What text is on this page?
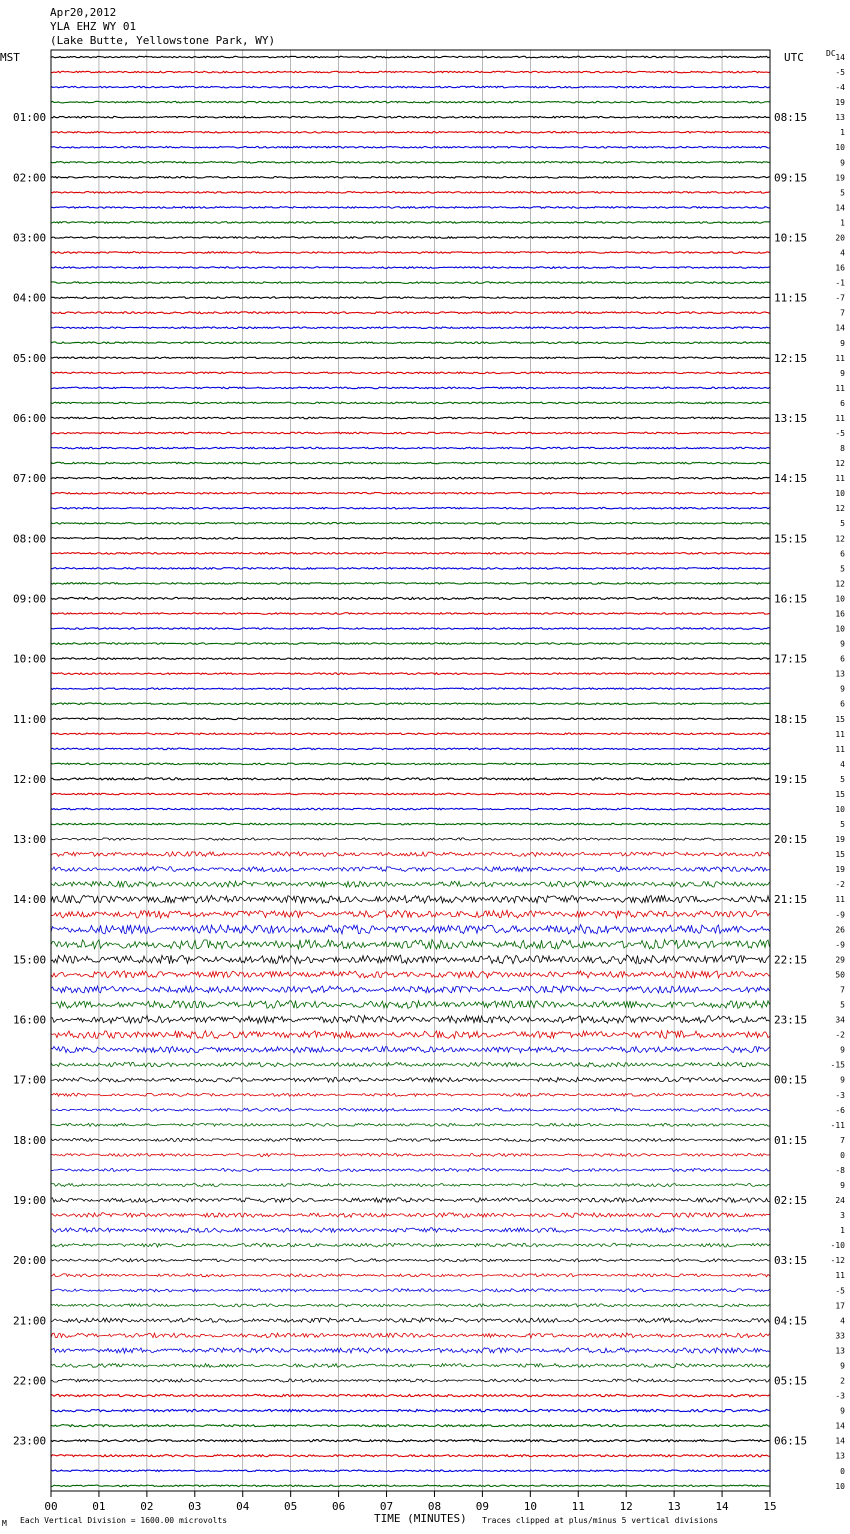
Apr20,2012
YLA EHZ WY 01
(Lake Butte, Yellowstone Park, WY)
MST	UTC	DC
01:00
02:00
03:00
04:00
05:00
06:00
07:00
08:00
09:00
10:00
11:00
12:00
13:00
14:00
15:00
16:00
17:00
18:00
19:00
20:00
21:00
22:00
23:00
08:15
09:15
10:15
11:15
12:15
13:15
14:15
15:15
16:15
17:15
18:15
19:15
20:15
21:15
22:15
23:15
00:15
01:15
02:15
03:15
04:15
05:15
06:15
14
-5
-4
19
13
1
10
9
19
5
14
1
20
4
16
-1
-7
7
14
9
11
9
11
6
11
-5
8
12
11
10
12
5
12
6
5
12
10
16
10
9
6
13
9
6
15
11
11
4
5
15
10
5
19
15
19
-2
11
-9
26
-9
29
50
7
5
34
-2
9
-15
9
-3
-6
-11
7
0
-8
9
24
3
1
-10
-12
11
-5
17
4
33
13
9
2
-3
9
14
14
13
0
10
00	01	02	03	04	05	06	07	08	09	10	11	12	13	14	15
TIME (MINUTES)
Each Vertical Division = 1600.00 microvolts	Traces clipped at plus/minus 5 vertical divisions
M
